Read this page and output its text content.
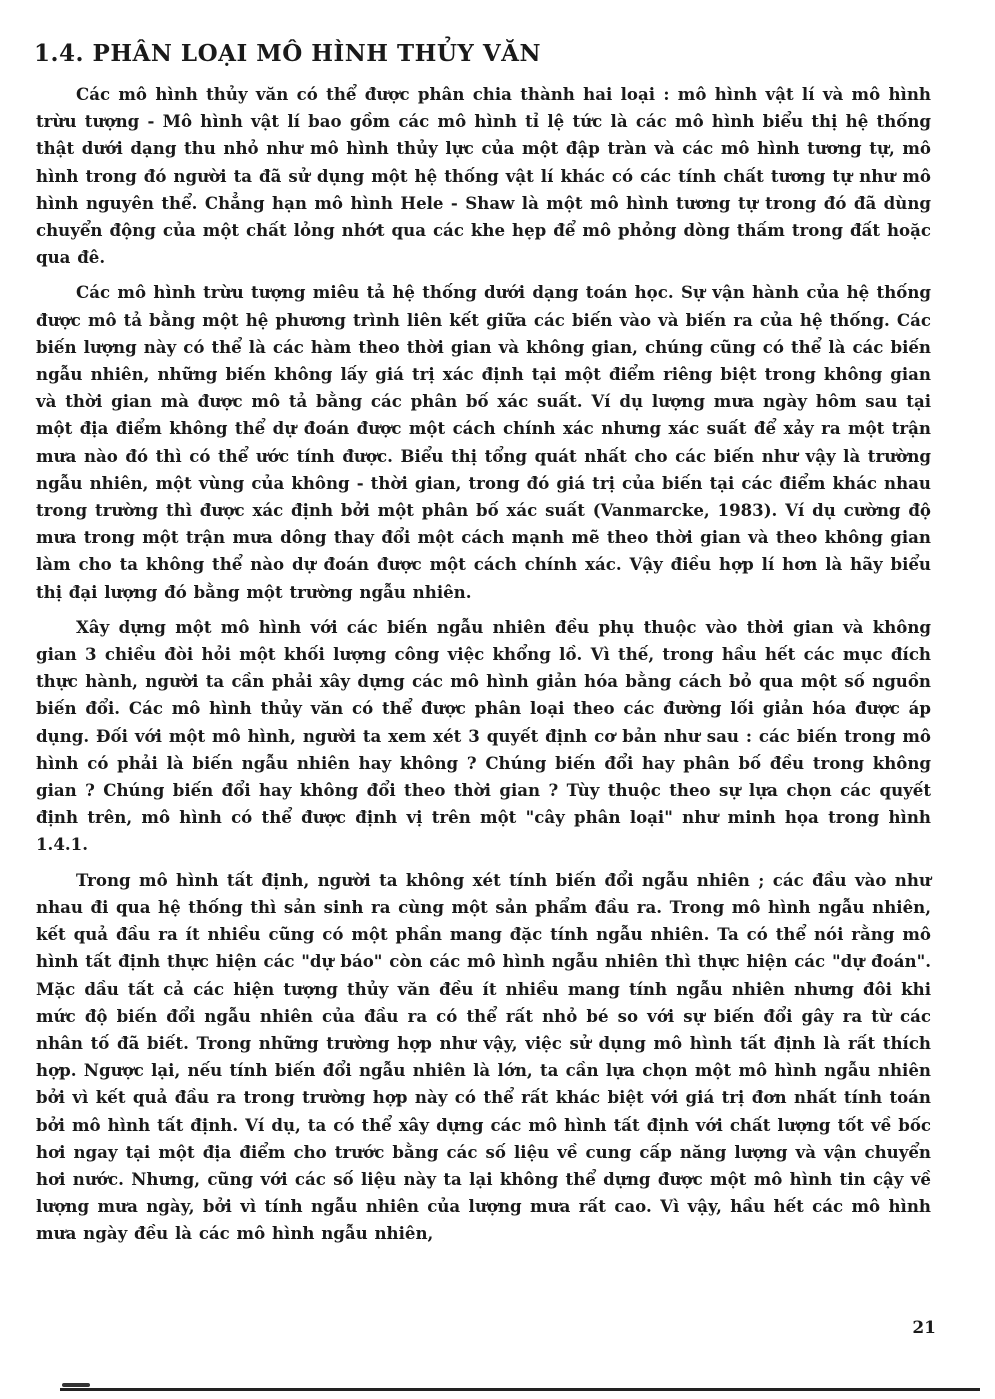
1.4. PHÂN LOẠI MÔ HÌNH THỦY VĂN

Các mô hình thủy văn có thể được phân chia thành hai loại : mô hình vật lí và mô hình trừu tượng - Mô hình vật lí bao gồm các mô hình tỉ lệ tức là các mô hình biểu thị hệ thống thật dưới dạng thu nhỏ như mô hình thủy lực của một đập tràn và các mô hình tương tự, mô hình trong đó người ta đã sử dụng một hệ thống vật lí khác có các tính chất tương tự như mô hình nguyên thể. Chẳng hạn mô hình Hele - Shaw là một mô hình tương tự trong đó đã dùng chuyển động của một chất lỏng nhớt qua các khe hẹp để mô phỏng dòng thấm trong đất hoặc qua đê.

Các mô hình trừu tượng miêu tả hệ thống dưới dạng toán học. Sự vận hành của hệ thống được mô tả bằng một hệ phương trình liên kết giữa các biến vào và biến ra của hệ thống. Các biến lượng này có thể là các hàm theo thời gian và không gian, chúng cũng có thể là các biến ngẫu nhiên, những biến không lấy giá trị xác định tại một điểm riêng biệt trong không gian và thời gian mà được mô tả bằng các phân bố xác suất. Ví dụ lượng mưa ngày hôm sau tại một địa điểm không thể dự đoán được một cách chính xác nhưng xác suất để xảy ra một trận mưa nào đó thì có thể ước tính được. Biểu thị tổng quát nhất cho các biến như vậy là trường ngẫu nhiên, một vùng của không - thời gian, trong đó giá trị của biến tại các điểm khác nhau trong trường thì được xác định bởi một phân bố xác suất (Vanmarcke, 1983). Ví dụ cường độ mưa trong một trận mưa dông thay đổi một cách mạnh mẽ theo thời gian và theo không gian làm cho ta không thể nào dự đoán được một cách chính xác. Vậy điều hợp lí hơn là hãy biểu thị đại lượng đó bằng một trường ngẫu nhiên.

Xây dựng một mô hình với các biến ngẫu nhiên đều phụ thuộc vào thời gian và không gian 3 chiều đòi hỏi một khối lượng công việc khổng lồ. Vì thế, trong hầu hết các mục đích thực hành, người ta cần phải xây dựng các mô hình giản hóa bằng cách bỏ qua một số nguồn biến đổi. Các mô hình thủy văn có thể được phân loại theo các đường lối giản hóa được áp dụng. Đối với một mô hình, người ta xem xét 3 quyết định cơ bản như sau : các biến trong mô hình có phải là biến ngẫu nhiên hay không ? Chúng biến đổi hay phân bố đều trong không gian ? Chúng biến đổi hay không đổi theo thời gian ? Tùy thuộc theo sự lựa chọn các quyết định trên, mô hình có thể được định vị trên một "cây phân loại" như minh họa trong hình 1.4.1.

Trong mô hình tất định, người ta không xét tính biến đổi ngẫu nhiên ; các đầu vào như nhau đi qua hệ thống thì sản sinh ra cùng một sản phẩm đầu ra. Trong mô hình ngẫu nhiên, kết quả đầu ra ít nhiều cũng có một phần mang đặc tính ngẫu nhiên. Ta có thể nói rằng mô hình tất định thực hiện các "dự báo" còn các mô hình ngẫu nhiên thì thực hiện các "dự đoán". Mặc dầu tất cả các hiện tượng thủy văn đều ít nhiều mang tính ngẫu nhiên nhưng đôi khi mức độ biến đổi ngẫu nhiên của đầu ra có thể rất nhỏ bé so với sự biến đổi gây ra từ các nhân tố đã biết. Trong những trường hợp như vậy, việc sử dụng mô hình tất định là rất thích hợp. Ngược lại, nếu tính biến đổi ngẫu nhiên là lớn, ta cần lựa chọn một mô hình ngẫu nhiên bởi vì kết quả đầu ra trong trường hợp này có thể rất khác biệt với giá trị đơn nhất tính toán bởi mô hình tất định. Ví dụ, ta có thể xây dựng các mô hình tất định với chất lượng tốt về bốc hơi ngay tại một địa điểm cho trước bằng các số liệu về cung cấp năng lượng và vận chuyển hơi nước. Nhưng, cũng với các số liệu này ta lại không thể dựng được một mô hình tin cậy về lượng mưa ngày, bởi vì tính ngẫu nhiên của lượng mưa rất cao. Vì vậy, hầu hết các mô hình mưa ngày đều là các mô hình ngẫu nhiên,

21
